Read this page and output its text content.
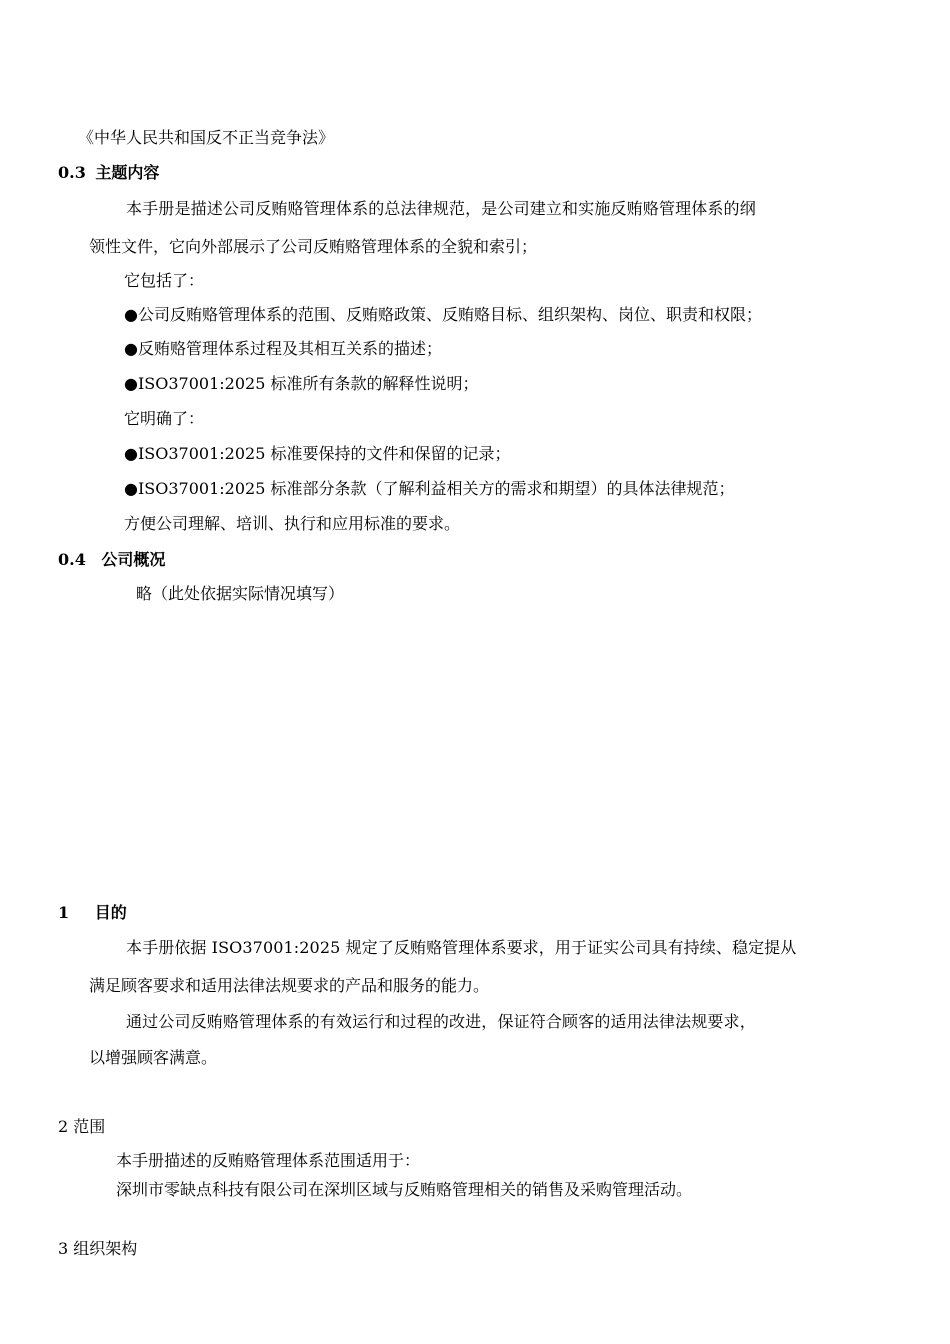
《中华人民共和国反不正当竞争法》
0.3 主题内容
本手册是描述公司反贿赂管理体系的总法律规范，是公司建立和实施反贿赂管理体系的纲
领性文件，它向外部展示了公司反贿赂管理体系的全貌和索引；
它包括了：
●公司反贿赂管理体系的范围、反贿赂政策、反贿赂目标、组织架构、岗位、职责和权限；
●反贿赂管理体系过程及其相互关系的描述；
●ISO37001:2025 标准所有条款的解释性说明；
它明确了：
●ISO37001:2025 标准要保持的文件和保留的记录；
●ISO37001:2025 标准部分条款（了解利益相关方的需求和期望）的具体法律规范；
方便公司理解、培训、执行和应用标准的要求。
0.4 公司概况
略（此处依据实际情况填写）
1 目的
本手册依据 ISO37001:2025 规定了反贿赂管理体系要求，用于证实公司具有持续、稳定提从
满足顾客要求和适用法律法规要求的产品和服务的能力。
通过公司反贿赂管理体系的有效运行和过程的改进，保证符合顾客的适用法律法规要求，
以增强顾客满意。
2 范围
本手册描述的反贿赂管理体系范围适用于：
深圳市零缺点科技有限公司在深圳区域与反贿赂管理相关的销售及采购管理活动。
3 组织架构
